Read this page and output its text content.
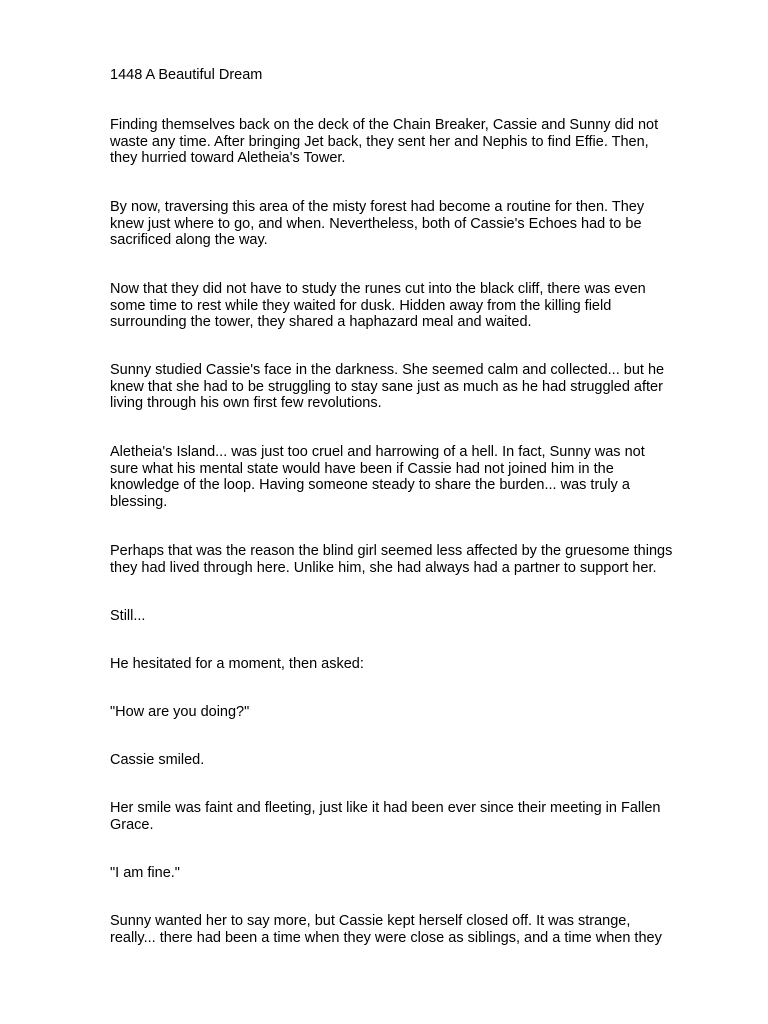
1448 A Beautiful Dream

Finding themselves back on the deck of the Chain Breaker, Cassie and Sunny did not
waste any time. After bringing Jet back, they sent her and Nephis to find Effie. Then,
they hurried toward Aletheia's Tower.

By now, traversing this area of the misty forest had become a routine for then. They
knew just where to go, and when. Nevertheless, both of Cassie's Echoes had to be
sacrificed along the way.

Now that they did not have to study the runes cut into the black cliff, there was even
some time to rest while they waited for dusk. Hidden away from the killing field
surrounding the tower, they shared a haphazard meal and waited.

Sunny studied Cassie's face in the darkness. She seemed calm and collected... but he
knew that she had to be struggling to stay sane just as much as he had struggled after
living through his own first few revolutions.

Aletheia's Island... was just too cruel and harrowing of a hell. In fact, Sunny was not
sure what his mental state would have been if Cassie had not joined him in the
knowledge of the loop. Having someone steady to share the burden... was truly a
blessing.

Perhaps that was the reason the blind girl seemed less affected by the gruesome things
they had lived through here. Unlike him, she had always had a partner to support her.

Still...

He hesitated for a moment, then asked:

"How are you doing?"

Cassie smiled.

Her smile was faint and fleeting, just like it had been ever since their meeting in Fallen
Grace.

"I am fine."

Sunny wanted her to say more, but Cassie kept herself closed off. It was strange,
really... there had been a time when they were close as siblings, and a time when they
